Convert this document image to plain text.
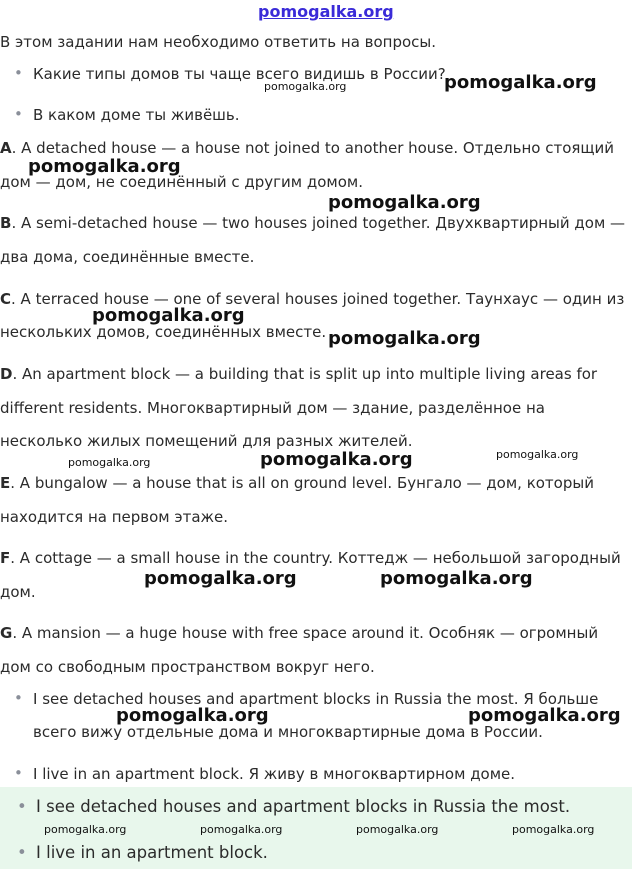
pomogalka.org
В этом задании нам необходимо ответить на вопросы.
• Какие типы домов ты чаще всего видишь в России?
• В каком доме ты живёшь.
A. A detached house — a house not joined to another house. Отдельно стоящий
дом — дом, не соединённый с другим домом.
B. A semi-detached house — two houses joined together. Двухквартирный дом —
два дома, соединённые вместе.
C. A terraced house — one of several houses joined together. Таунхаус — один из
нескольких домов, соединённых вместе.
D. An apartment block — a building that is split up into multiple living areas for
different residents. Многоквартирный дом — здание, разделённое на
несколько жилых помещений для разных жителей.
E. A bungalow — a house that is all on ground level. Бунгало — дом, который
находится на первом этаже.
F. A cottage — a small house in the country. Коттедж — небольшой загородный
дом.
G. A mansion — a huge house with free space around it. Особняк — огромный
дом со свободным пространством вокруг него.
• I see detached houses and apartment blocks in Russia the most. Я больше
всего вижу отдельные дома и многоквартирные дома в России.
• I live in an apartment block. Я живу в многоквартирном доме.
• I see detached houses and apartment blocks in Russia the most.
• I live in an apartment block.
pomogalka.org
pomogalka.org
pomogalka.org
pomogalka.org
pomogalka.org
pomogalka.org
pomogalka.org	pomogalka.org	pomogalka.org
pomogalka.org	pomogalka.org
pomogalka.org	pomogalka.org
pomogalka.org	pomogalka.org	pomogalka.org	pomogalka.org
